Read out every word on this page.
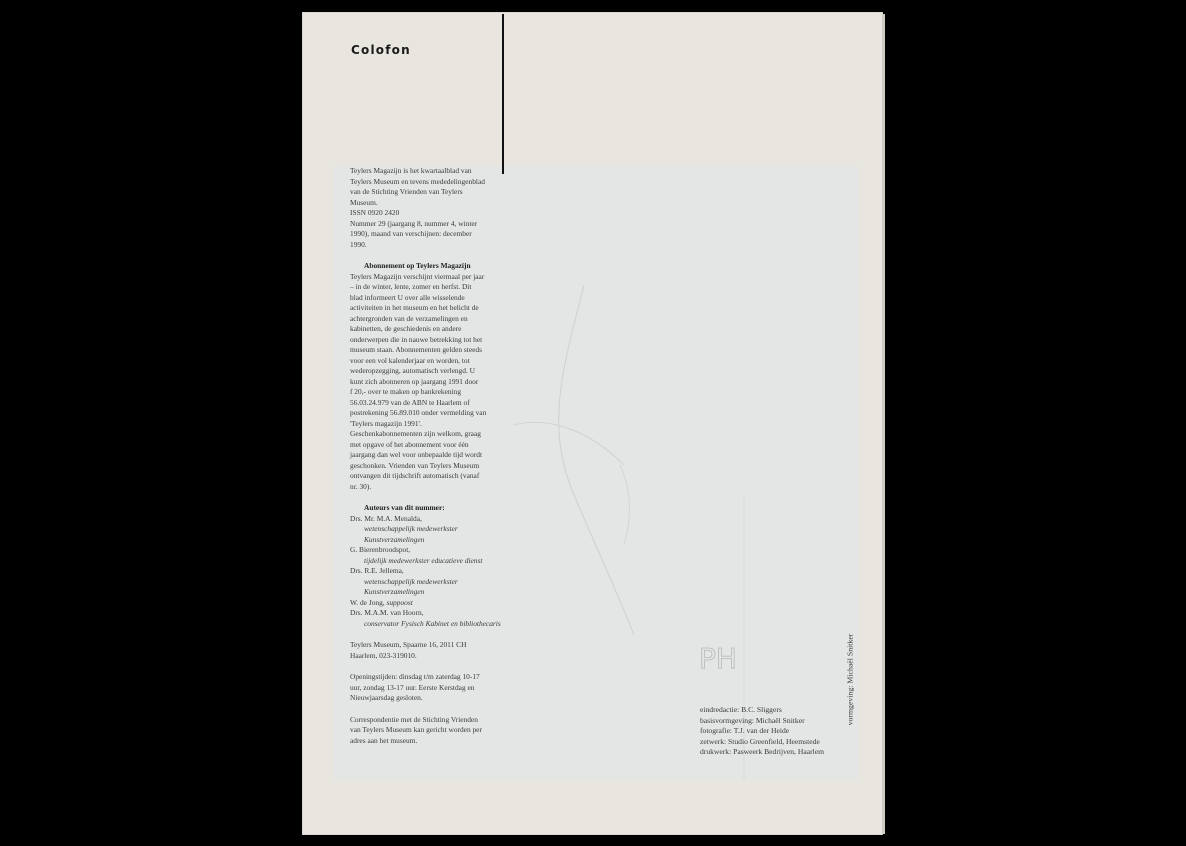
Colofon

Teylers Magazijn is het kwartaalblad van

Teylers Museum en tevens mededelingenblad

van de Stichting Vrienden van Teylers

Museum.

ISSN 0920 2420

Nummer 29 (jaargang 8, nummer 4, winter

1990), maand van verschijnen: december

1990.

Abonnement op Teylers Magazijn

Teylers Magazijn verschijnt viermaal per jaar

– in de winter, lente, zomer en herfst. Dit

blad informeert U over alle wisselende

activiteiten in het museum en het belicht de

achtergronden van de verzamelingen en

kabinetten, de geschiedenis en andere

onderwerpen die in nauwe betrekking tot het

museum staan. Abonnementen gelden steeds

voor een vol kalenderjaar en worden, tot

wederopzegging, automatisch verlengd. U

kunt zich abonneren op jaargang 1991 door

f 20,- over te maken op bankrekening

56.03.24.979 van de ABN te Haarlem of

postrekening 56.89.010 onder vermelding van

'Teylers magazijn 1991'.

Geschenkabonnementen zijn welkom, graag

met opgave of het abonnement voor één

jaargang dan wel voor onbepaalde tijd wordt

geschonken. Vrienden van Teylers Museum

ontvangen dit tijdschrift automatisch (vanaf

nr. 30).

Auteurs van dit nummer:

Drs. Mr. M.A. Menalda,

wetenschappelijk medewerkster

Kunstverzamelingen

G. Bierenbroodspot,

tijdelijk medewerkster educatieve dienst

Drs. R.E. Jellema,

wetenschappelijk medewerkster

Kunstverzamelingen

W. de Jong, suppoost

Drs. M.A.M. van Hoorn,

conservator Fysisch Kabinet en bibliothecaris

Teylers Museum, Spaarne 16, 2011 CH

Haarlem, 023-319010.

Openingstijden: dinsdag t/m zaterdag 10-17

uur, zondag 13-17 uur. Eerste Kerstdag en

Nieuwjaarsdag gesloten.

Correspondentie met de Stichting Vrienden

van Teylers Museum kan gericht worden per

adres aan het museum.

PH

eindredactie: B.C. Sliggers

basisvormgeving: Michaël Snitker

fotografie: T.J. van der Heide

zetwerk: Studio Greenfield, Heemstede

drukwerk: Pasweerk Bedrijven, Haarlem

vormgeving: Michaël Snitker
